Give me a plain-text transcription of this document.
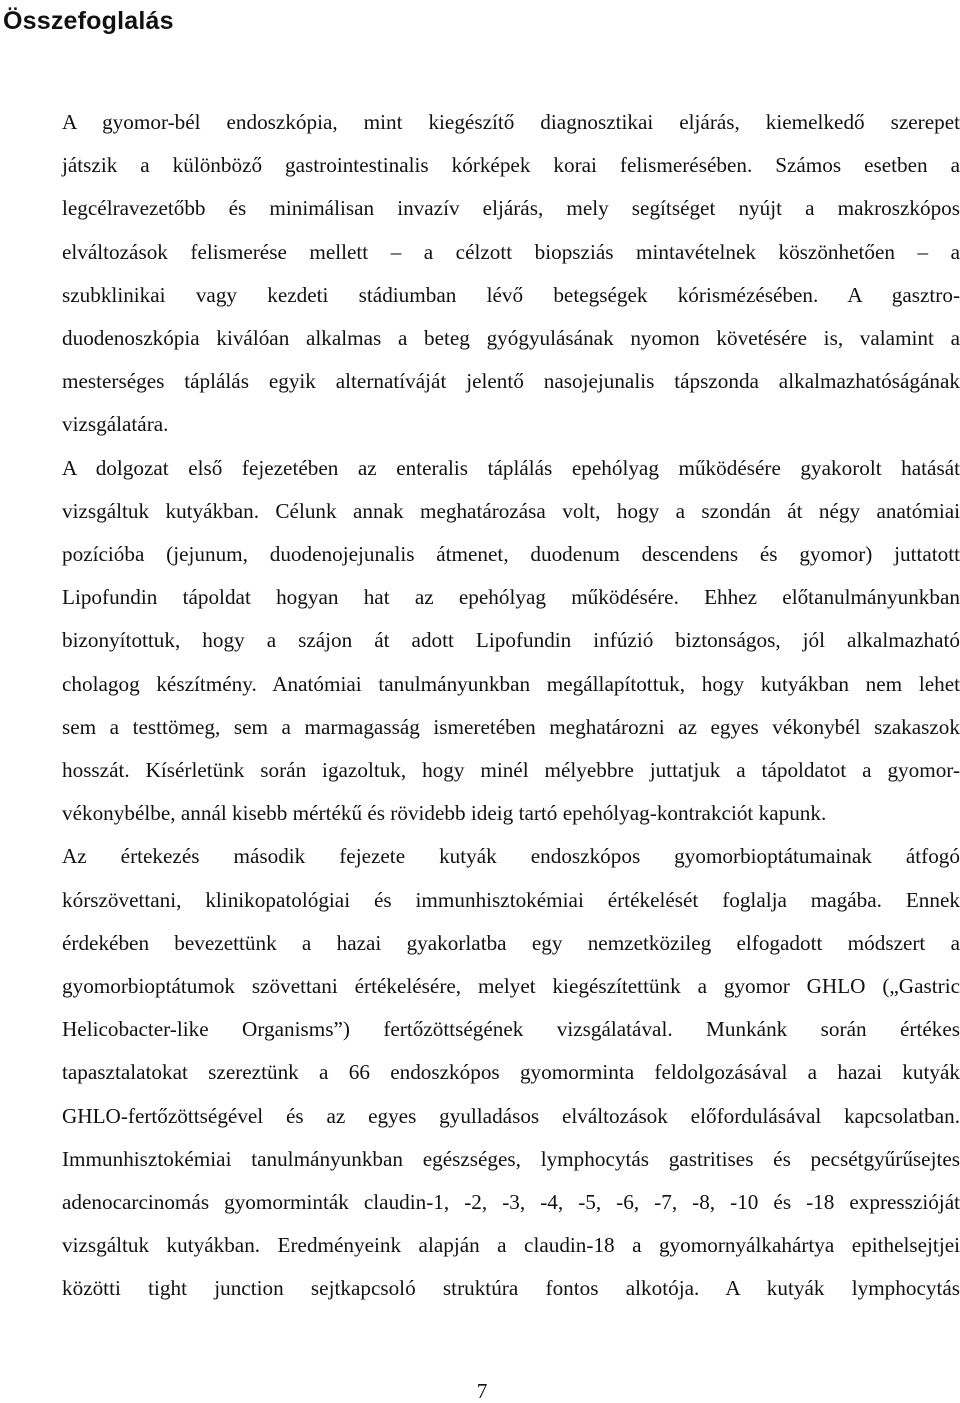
Összefoglalás

A gyomor-bél endoszkópia, mint kiegészítő diagnosztikai eljárás, kiemelkedő szerepet
játszik a különböző gastrointestinalis kórképek korai felismerésében. Számos esetben a
legcélravezetőbb és minimálisan invazív eljárás, mely segítséget nyújt a makroszkópos
elváltozások felismerése mellett – a célzott biopsziás mintavételnek köszönhetően – a
szubklinikai vagy kezdeti stádiumban lévő betegségek kórismézésében. A gasztro-
duodenoszkópia kiválóan alkalmas a beteg gyógyulásának nyomon követésére is, valamint a
mesterséges táplálás egyik alternatíváját jelentő nasojejunalis tápszonda alkalmazhatóságának
vizsgálatára.

A dolgozat első fejezetében az enteralis táplálás epehólyag működésére gyakorolt hatását
vizsgáltuk kutyákban. Célunk annak meghatározása volt, hogy a szondán át négy anatómiai
pozícióba (jejunum, duodenojejunalis átmenet, duodenum descendens és gyomor) juttatott
Lipofundin tápoldat hogyan hat az epehólyag működésére. Ehhez előtanulmányunkban
bizonyítottuk, hogy a szájon át adott Lipofundin infúzió biztonságos, jól alkalmazható
cholagog készítmény. Anatómiai tanulmányunkban megállapítottuk, hogy kutyákban nem lehet
sem a testtömeg, sem a marmagasság ismeretében meghatározni az egyes vékonybél szakaszok
hosszát. Kísérletünk során igazoltuk, hogy minél mélyebbre juttatjuk a tápoldatot a gyomor-
vékonybélbe, annál kisebb mértékű és rövidebb ideig tartó epehólyag-kontrakciót kapunk.

Az értekezés második fejezete kutyák endoszkópos gyomorbioptátumainak átfogó
kórszövettani, klinikopatológiai és immunhisztokémiai értékelését foglalja magába. Ennek
érdekében bevezettünk a hazai gyakorlatba egy nemzetközileg elfogadott módszert a
gyomorbioptátumok szövettani értékelésére, melyet kiegészítettünk a gyomor GHLO („Gastric
Helicobacter-like Organisms”) fertőzöttségének vizsgálatával. Munkánk során értékes
tapasztalatokat szereztünk a 66 endoszkópos gyomorminta feldolgozásával a hazai kutyák
GHLO-fertőzöttségével és az egyes gyulladásos elváltozások előfordulásával kapcsolatban.
Immunhisztokémiai tanulmányunkban egészséges, lymphocytás gastritises és pecsétgyűrűsejtes
adenocarcinomás gyomorminták claudin-1, -2, -3, -4, -5, -6, -7, -8, -10 és -18 expresszióját
vizsgáltuk kutyákban. Eredményeink alapján a claudin-18 a gyomornyálkahártya epithelsejtjei
közötti tight junction sejtkapcsoló struktúra fontos alkotója. A kutyák lymphocytás

7
